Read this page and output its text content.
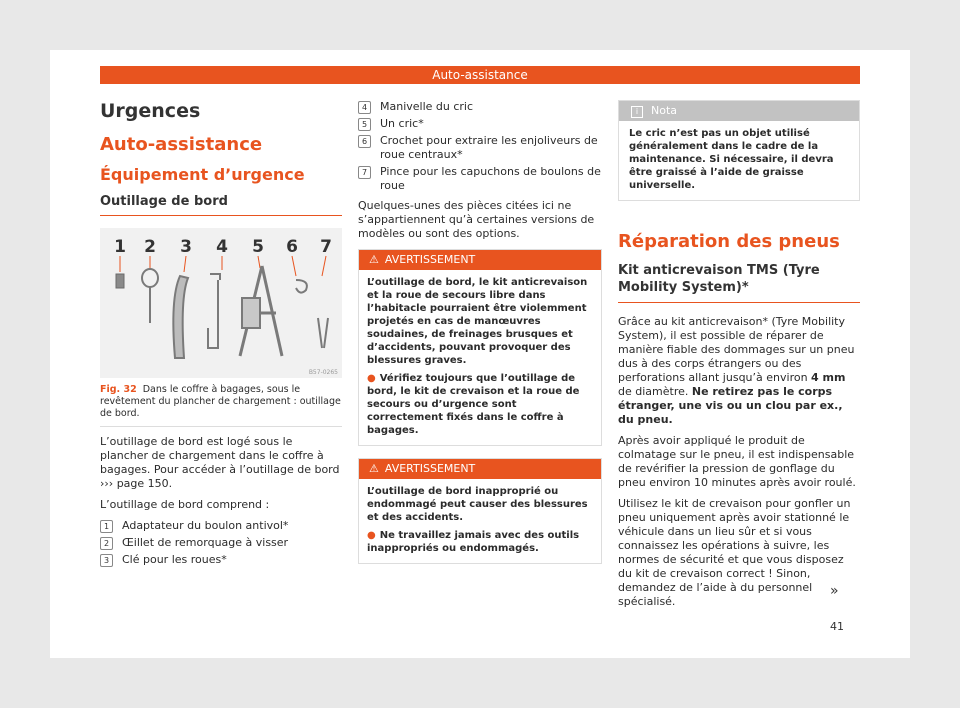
Auto-assistance
Urgences
Auto-assistance
Équipement d’urgence
Outillage de bord
1 2 3 4 5 6 7
B57-0265
Fig. 32 Dans le coffre à bagages, sous le revêtement du plancher de chargement : outillage de bord.

L’outillage de bord est logé sous le plancher de chargement dans le coffre à bagages. Pour accéder à l’outillage de bord ››› page 150.

L’outillage de bord comprend :

1	Adaptateur du boulon antivol*
2	Œillet de remorquage à visser
3	Clé pour les roues*
4	Manivelle du cric
5	Un cric*
6	Crochet pour extraire les enjoliveurs de roue centraux*
7	Pince pour les capuchons de boulons de roue

Quelques-unes des pièces citées ici ne s’appartiennent qu’à certaines versions de modèles ou sont des options.

⚠ AVERTISSEMENT
L’outillage de bord, le kit anticrevaison et la roue de secours libre dans l’habitacle pourraient être violemment projetés en cas de manœuvres soudaines, de freinages brusques et d’accidents, pouvant provoquer des blessures graves.
● Vérifiez toujours que l’outillage de bord, le kit de crevaison et la roue de secours ou d’urgence sont correctement fixés dans le coffre à bagages.
⚠ AVERTISSEMENT
L’outillage de bord inapproprié ou endommagé peut causer des blessures et des accidents.
● Ne travaillez jamais avec des outils inappropriés ou endommagés.
i Nota
Le cric n’est pas un objet utilisé généralement dans le cadre de la maintenance. Si nécessaire, il devra être graissé à l’aide de graisse universelle.
Réparation des pneus
Kit anticrevaison TMS (Tyre Mobility System)*

Grâce au kit anticrevaison* (Tyre Mobility System), il est possible de réparer de manière fiable des dommages sur un pneu dus à des corps étrangers ou des perforations allant jusqu’à environ 4 mm de diamètre. Ne retirez pas le corps étranger, une vis ou un clou par ex., du pneu.

Après avoir appliqué le produit de colmatage sur le pneu, il est indispensable de revérifier la pression de gonflage du pneu environ 10 minutes après avoir roulé.

Utilisez le kit de crevaison pour gonfler un pneu uniquement après avoir stationné le véhicule dans un lieu sûr et si vous connaissez les opérations à suivre, les normes de sécurité et que vous disposez du kit de crevaison correct ! Sinon, demandez de l’aide à du personnel spécialisé.

»
41
